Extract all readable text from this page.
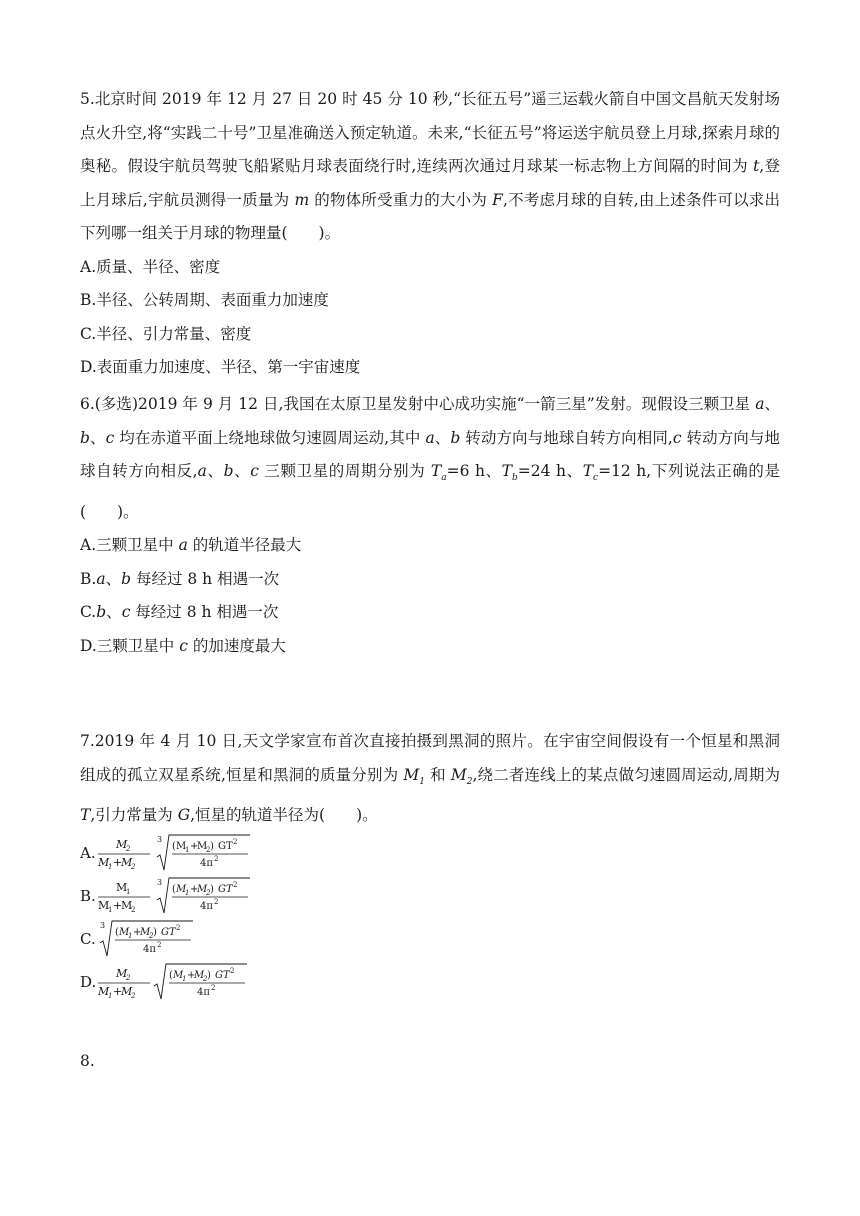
5.北京时间 2019 年 12 月 27 日 20 时 45 分 10 秒,“长征五号”遥三运载火箭自中国文昌航天发射场点火升空,将“实践二十号”卫星准确送入预定轨道。未来,“长征五号”将运送宇航员登上月球,探索月球的奥秘。假设宇航员驾驶飞船紧贴月球表面绕行时,连续两次通过月球某一标志物上方间隔的时间为 t,登上月球后,宇航员测得一质量为 m 的物体所受重力的大小为 F,不考虑月球的自转,由上述条件可以求出下列哪一组关于月球的物理量(　　)。

A.质量、半径、密度

B.半径、公转周期、表面重力加速度

C.半径、引力常量、密度

D.表面重力加速度、半径、第一宇宙速度

6.(多选)2019 年 9 月 12 日,我国在太原卫星发射中心成功实施“一箭三星”发射。现假设三颗卫星 a、b、c 均在赤道平面上绕地球做匀速圆周运动,其中 a、b 转动方向与地球自转方向相同,c 转动方向与地球自转方向相反,a、b、c 三颗卫星的周期分别为 $T_a=6$ h、$T_b=24$ h、$T_c=12$ h,下列说法正确的是(　　)。

A.三颗卫星中 a 的轨道半径最大

B.a、b 每经过 8 h 相遇一次

C.b、c 每经过 8 h 相遇一次

D.三颗卫星中 c 的加速度最大

7.2019 年 4 月 10 日,天文学家宣布首次直接拍摄到黑洞的照片。在宇宙空间假设有一个恒星和黑洞组成的孤立双星系统,恒星和黑洞的质量分别为 $M_1$ 和 $M_2$,绕二者连线上的某点做匀速圆周运动,周期为 T,引力常量为 G,恒星的轨道半径为(　　)。

A. M
2
M
1 +
M
2
3
( M
1 +
M
2 ) G T 2
4π 2
B. M
1
M
1 +
M
2
3
( M
1 +
M
2 ) G T 2
4π 2
C.
3
( M
1 +
M
2 ) G T 2
4π 2
D. M
2
M
1 +
M
2
( M
1 +
M
2 ) G T 2
4π 2

8.
